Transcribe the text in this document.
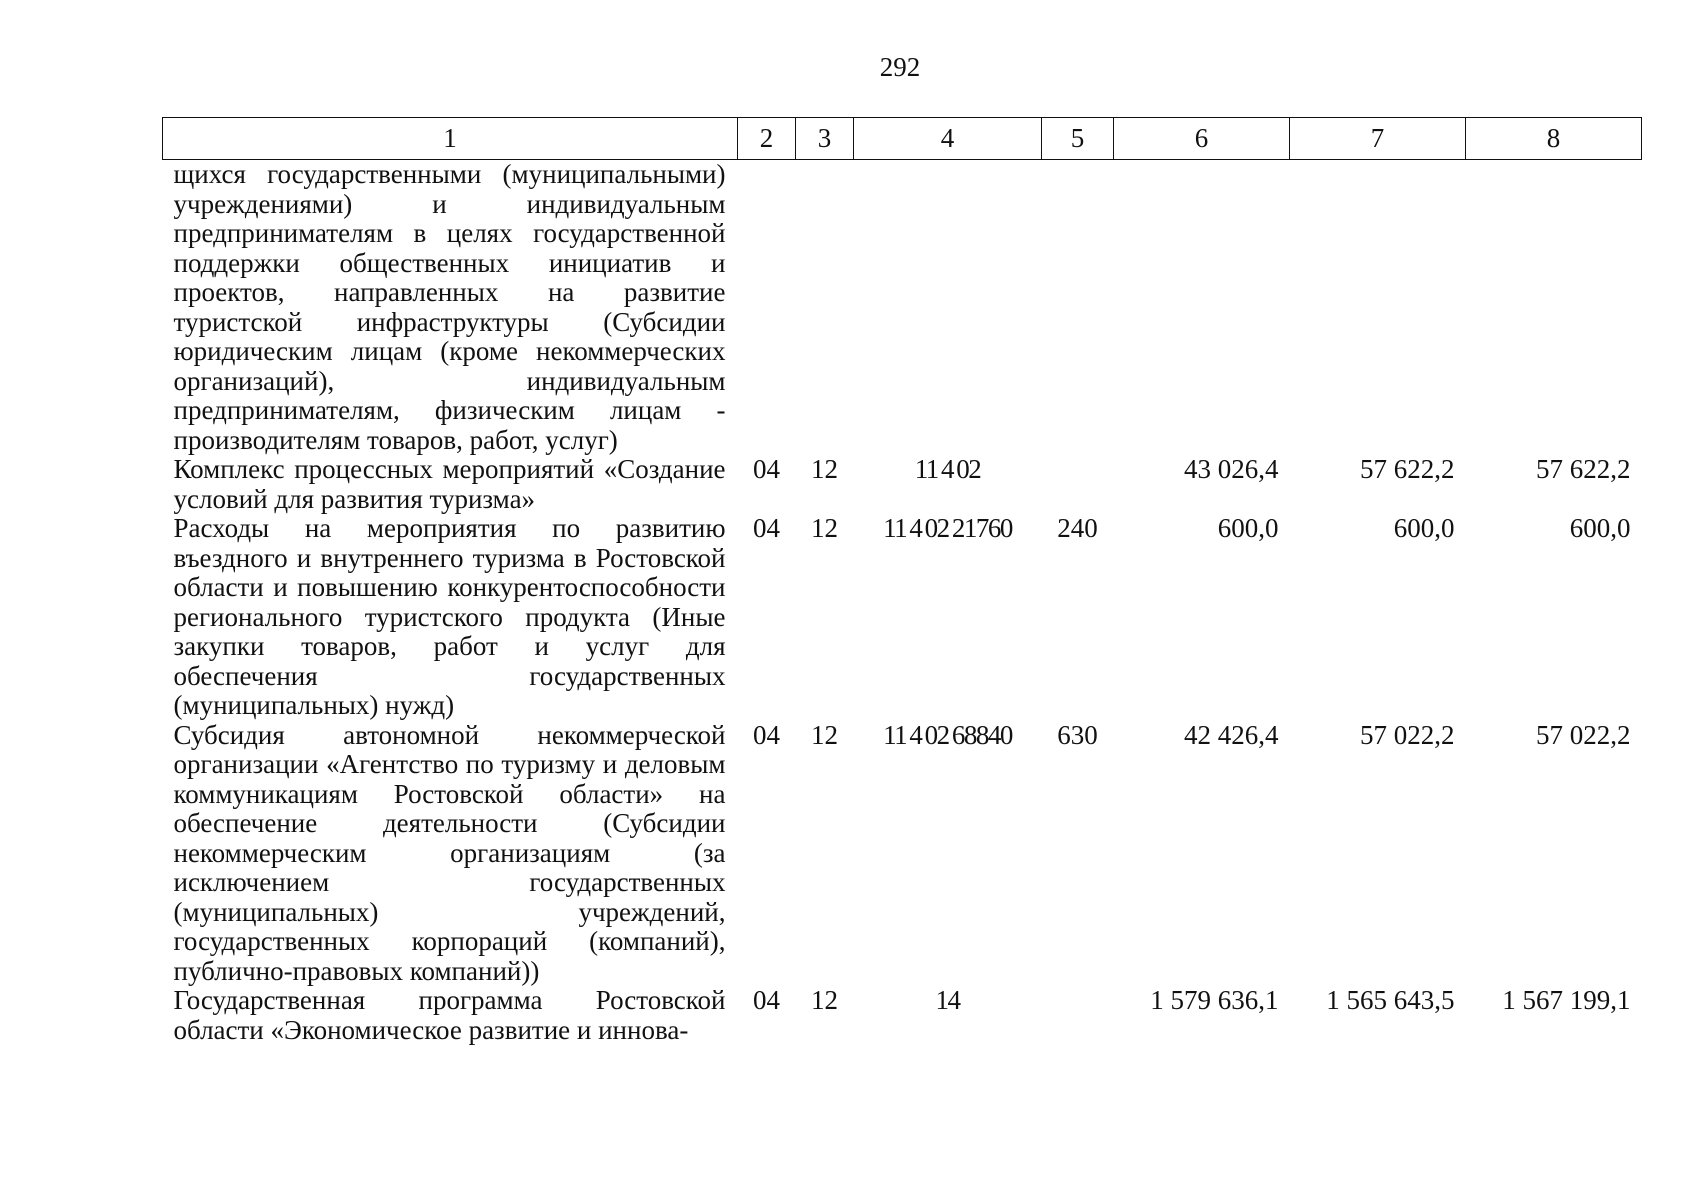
292
1	2	3	4	5	6	7	8
щихся государственными (муниципальными) учреждениями) и индивидуальным предпринимателям в целях государственной поддержки общественных инициатив и проектов, направленных на развитие туристской инфраструктуры (Субсидии юридическим лицам (кроме некоммерческих организаций), индивидуальным предпринимателям, физическим лицам - производителям товаров, работ, услуг)							
Комплекс процессных мероприятий «Создание условий для развития туризма»	04	12	11 4 02		43 026,4	57 622,2	57 622,2
Расходы на мероприятия по развитию въездного и внутреннего туризма в Ростовской области и повышению конкурентоспособности регионального туристского продукта (Иные закупки товаров, работ и услуг для обеспечения государственных (муниципальных) нужд)	04	12	11 4 02 21760	240	600,0	600,0	600,0
Субсидия автономной некоммерческой организации «Агентство по туризму и деловым коммуникациям Ростовской области» на обеспечение деятельности (Субсидии некоммерческим организациям (за исключением государственных (муниципальных) учреждений, государственных корпораций (компаний), публично-правовых компаний))	04	12	11 4 02 68840	630	42 426,4	57 022,2	57 022,2
Государственная программа Ростовской области «Экономическое развитие и иннова-	04	12	14		1 579 636,1	1 565 643,5	1 567 199,1
